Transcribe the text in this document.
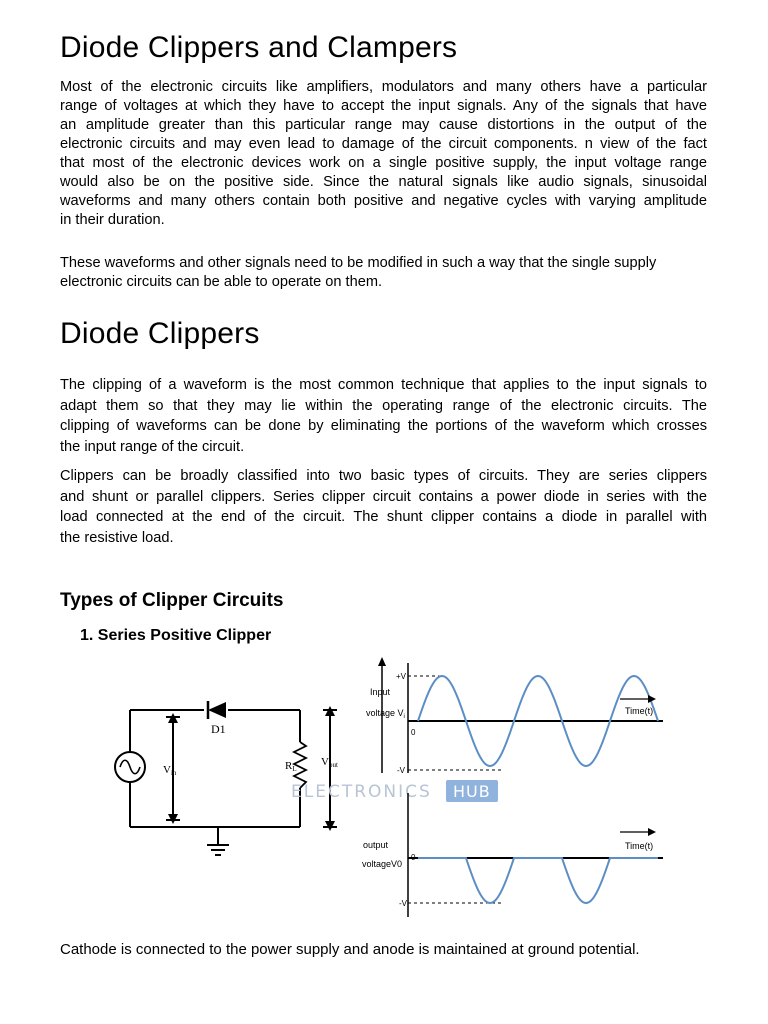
Diode Clippers and Clampers
Most of the electronic circuits like amplifiers, modulators and many others have a particular
range of voltages at which they have to accept the input signals. Any of the signals that have
an amplitude greater than this particular range may cause distortions in the output of the
electronic circuits and may even lead to damage of the circuit components. n view of the fact
that most of the electronic devices work on a single positive supply, the input voltage range
would also be on the positive side. Since the natural signals like audio signals, sinusoidal
waveforms and many others contain both positive and negative cycles with varying amplitude
in their duration.
These waveforms and other signals need to be modified in such a way that the single supply
electronic circuits can be able to operate on them.
Diode Clippers
The clipping of a waveform is the most common technique that applies to the input signals to
adapt them so that they may lie within the operating range of the electronic circuits. The
clipping of waveforms can be done by eliminating the portions of the waveform which crosses
the input range of the circuit.
Clippers can be broadly classified into two basic types of circuits. They are series clippers
and shunt or parallel clippers. Series clipper circuit contains a power diode in series with the
load connected at the end of the circuit. The shunt clipper contains a diode in parallel with
the resistive load.
Types of Clipper Circuits
1. Series Positive Clipper
D1
Vin
RL
Vout
Input
voltage $V_i$
+V
0
-V
Time(t)
ELECTRONICS HUB
output
voltageV0
0
-V
Time(t)

Cathode is connected to the power supply and anode is maintained at ground potential.
